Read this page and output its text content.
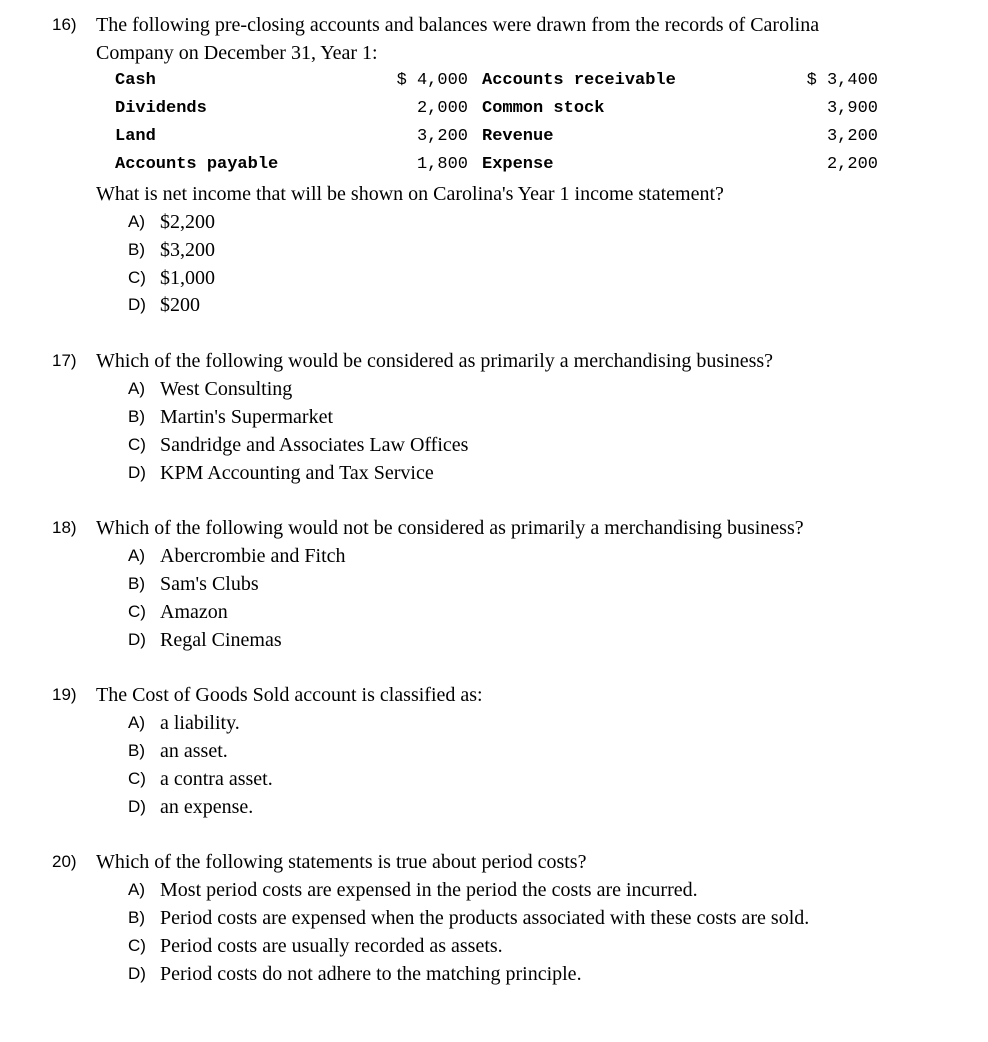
16) The following pre-closing accounts and balances were drawn from the records of Carolina
Company on December 31, Year 1:
Cash	$ 4,000 Accounts receivable	$ 3,400
Dividends	2,000 Common stock	3,900
Land	3,200 Revenue	3,200
Accounts payable	1,800 Expense	2,200
What is net income that will be shown on Carolina's Year 1 income statement?
A) $2,200
B) $3,200
C) $1,000
D) $200
17) Which of the following would be considered as primarily a merchandising business?
A) West Consulting
B) Martin's Supermarket
C) Sandridge and Associates Law Offices
D) KPM Accounting and Tax Service
18) Which of the following would not be considered as primarily a merchandising business?
A) Abercrombie and Fitch
B) Sam's Clubs
C) Amazon
D) Regal Cinemas
19) The Cost of Goods Sold account is classified as:
A) a liability.
B) an asset.
C) a contra asset.
D) an expense.
20) Which of the following statements is true about period costs?
A) Most period costs are expensed in the period the costs are incurred.
B) Period costs are expensed when the products associated with these costs are sold.
C) Period costs are usually recorded as assets.
D) Period costs do not adhere to the matching principle.
